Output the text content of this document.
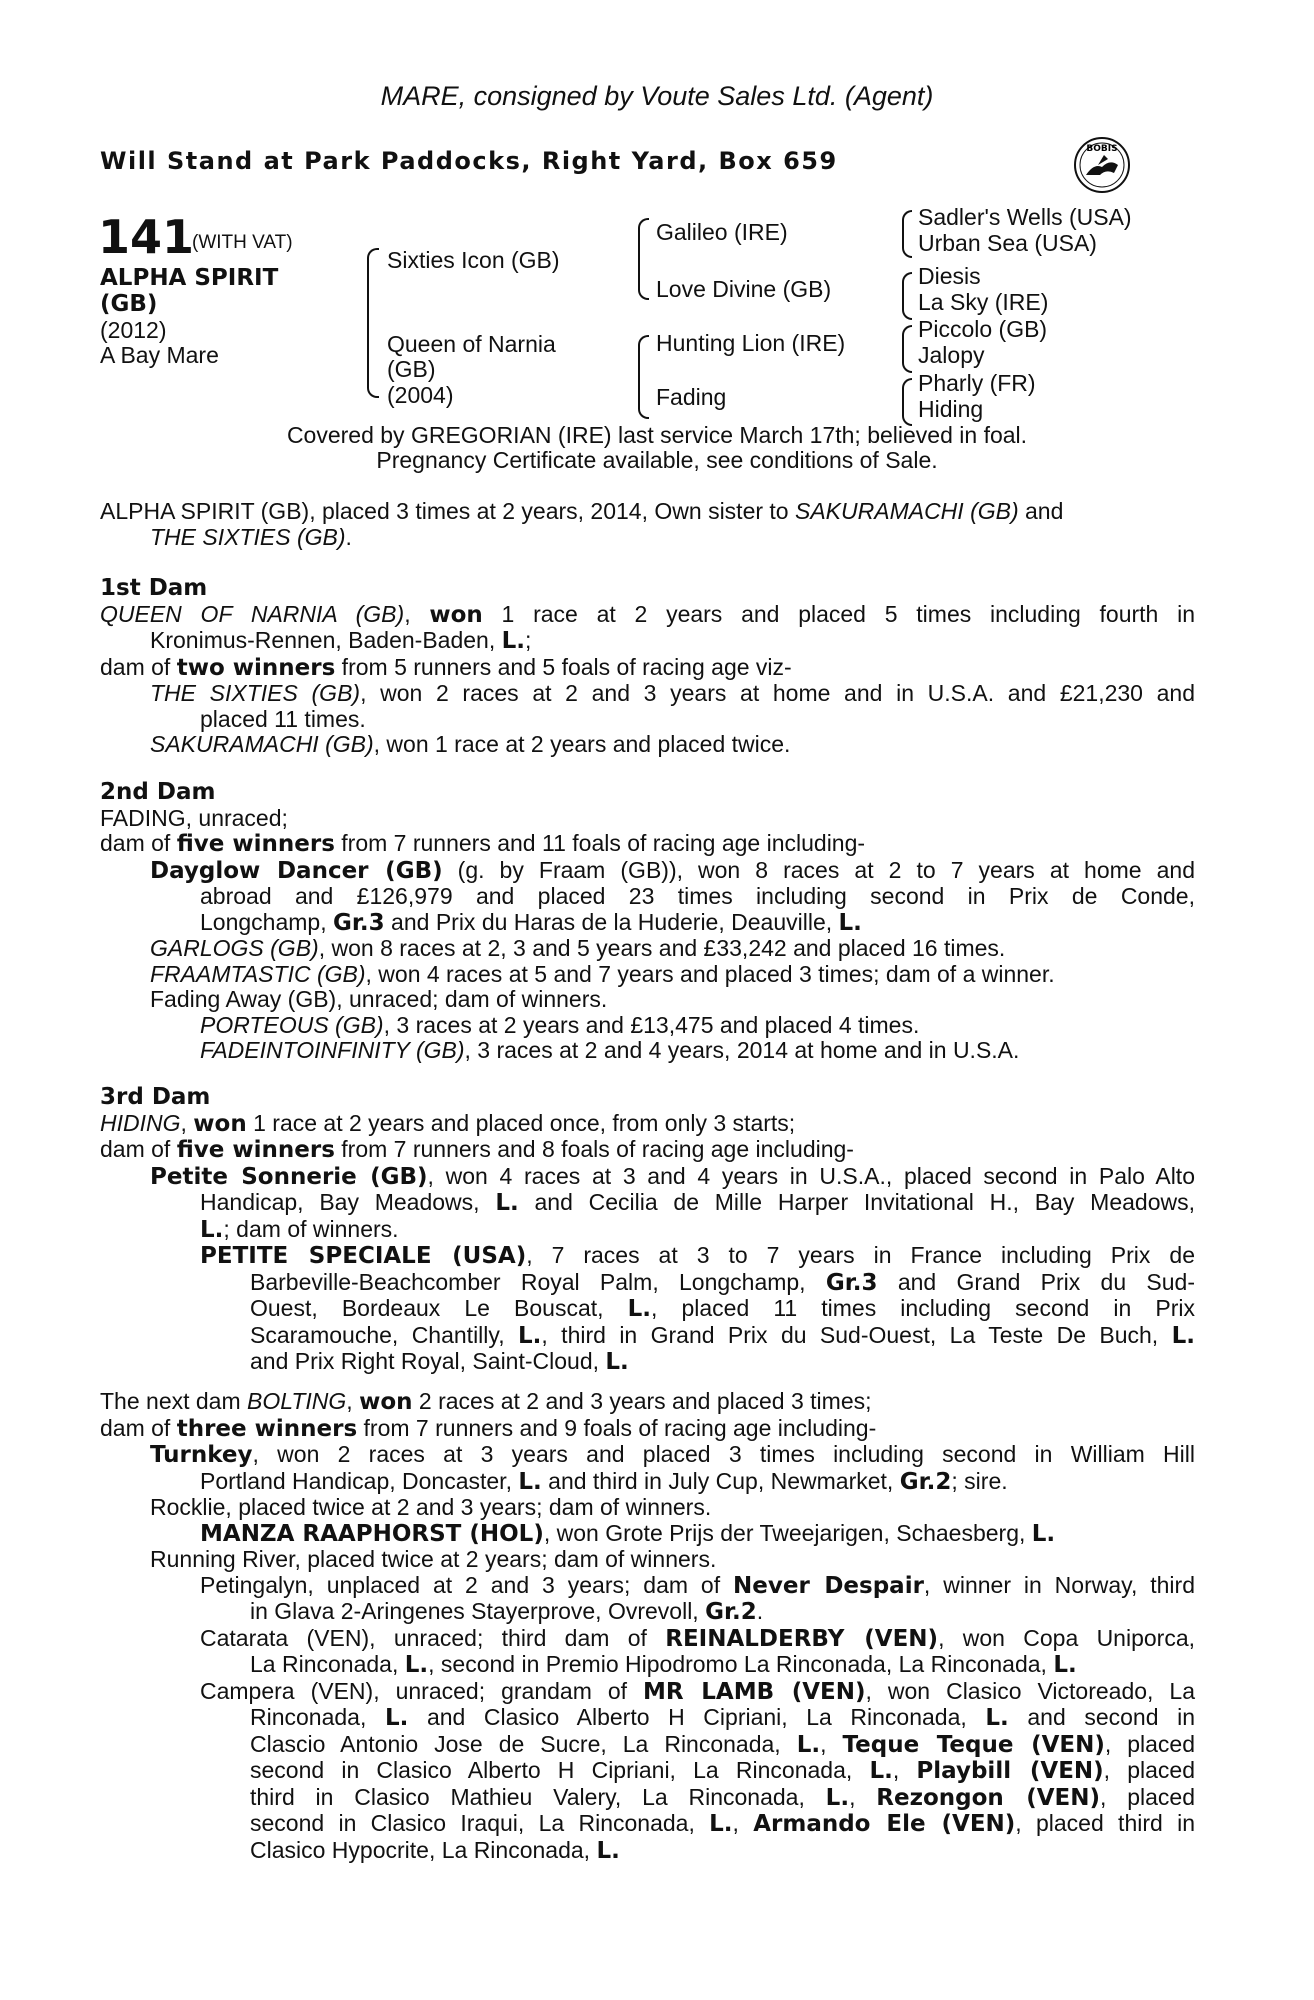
MARE, consigned by Voute Sales Ltd. (Agent)
Will Stand at Park Paddocks, Right Yard, Box 659	BOBIS
141
(WITH VAT)
ALPHA SPIRIT
(GB)
(2012)
A Bay Mare
Sixties Icon (GB)
Queen of Narnia
(GB)
(2004)
Galileo (IRE)
Love Divine (GB)
Hunting Lion (IRE)
Fading
Sadler's Wells (USA)
Urban Sea (USA)
Diesis
La Sky (IRE)
Piccolo (GB)
Jalopy
Pharly (FR)
Hiding
Covered by GREGORIAN (IRE) last service March 17th; believed in foal.
Pregnancy Certificate available, see conditions of Sale.
ALPHA SPIRIT (GB), placed 3 times at 2 years, 2014, Own sister to SAKURAMACHI (GB) and
THE SIXTIES (GB).
1st Dam
QUEEN OF NARNIA (GB), won 1 race at 2 years and placed 5 times including fourth in
Kronimus-Rennen, Baden-Baden, L.;
dam of two winners from 5 runners and 5 foals of racing age viz-
THE SIXTIES (GB), won 2 races at 2 and 3 years at home and in U.S.A. and £21,230 and
placed 11 times.
SAKURAMACHI (GB), won 1 race at 2 years and placed twice.
2nd Dam
FADING, unraced;
dam of five winners from 7 runners and 11 foals of racing age including-
Dayglow Dancer (GB) (g. by Fraam (GB)), won 8 races at 2 to 7 years at home and
abroad and £126,979 and placed 23 times including second in Prix de Conde,
Longchamp, Gr.3 and Prix du Haras de la Huderie, Deauville, L.
GARLOGS (GB), won 8 races at 2, 3 and 5 years and £33,242 and placed 16 times.
FRAAMTASTIC (GB), won 4 races at 5 and 7 years and placed 3 times; dam of a winner.
Fading Away (GB), unraced; dam of winners.
PORTEOUS (GB), 3 races at 2 years and £13,475 and placed 4 times.
FADEINTOINFINITY (GB), 3 races at 2 and 4 years, 2014 at home and in U.S.A.
3rd Dam
HIDING, won 1 race at 2 years and placed once, from only 3 starts;
dam of five winners from 7 runners and 8 foals of racing age including-
Petite Sonnerie (GB), won 4 races at 3 and 4 years in U.S.A., placed second in Palo Alto
Handicap, Bay Meadows, L. and Cecilia de Mille Harper Invitational H., Bay Meadows,
L.; dam of winners.
PETITE SPECIALE (USA), 7 races at 3 to 7 years in France including Prix de
Barbeville-Beachcomber Royal Palm, Longchamp, Gr.3 and Grand Prix du Sud-
Ouest, Bordeaux Le Bouscat, L., placed 11 times including second in Prix
Scaramouche, Chantilly, L., third in Grand Prix du Sud-Ouest, La Teste De Buch, L.
and Prix Right Royal, Saint-Cloud, L.
The next dam BOLTING, won 2 races at 2 and 3 years and placed 3 times;
dam of three winners from 7 runners and 9 foals of racing age including-
Turnkey, won 2 races at 3 years and placed 3 times including second in William Hill
Portland Handicap, Doncaster, L. and third in July Cup, Newmarket, Gr.2; sire.
Rocklie, placed twice at 2 and 3 years; dam of winners.
MANZA RAAPHORST (HOL), won Grote Prijs der Tweejarigen, Schaesberg, L.
Running River, placed twice at 2 years; dam of winners.
Petingalyn, unplaced at 2 and 3 years; dam of Never Despair, winner in Norway, third
in Glava 2-Aringenes Stayerprove, Ovrevoll, Gr.2.
Catarata (VEN), unraced; third dam of REINALDERBY (VEN), won Copa Uniporca,
La Rinconada, L., second in Premio Hipodromo La Rinconada, La Rinconada, L.
Campera (VEN), unraced; grandam of MR LAMB (VEN), won Clasico Victoreado, La
Rinconada, L. and Clasico Alberto H Cipriani, La Rinconada, L. and second in
Clascio Antonio Jose de Sucre, La Rinconada, L., Teque Teque (VEN), placed
second in Clasico Alberto H Cipriani, La Rinconada, L., Playbill (VEN), placed
third in Clasico Mathieu Valery, La Rinconada, L., Rezongon (VEN), placed
second in Clasico Iraqui, La Rinconada, L., Armando Ele (VEN), placed third in
Clasico Hypocrite, La Rinconada, L.
